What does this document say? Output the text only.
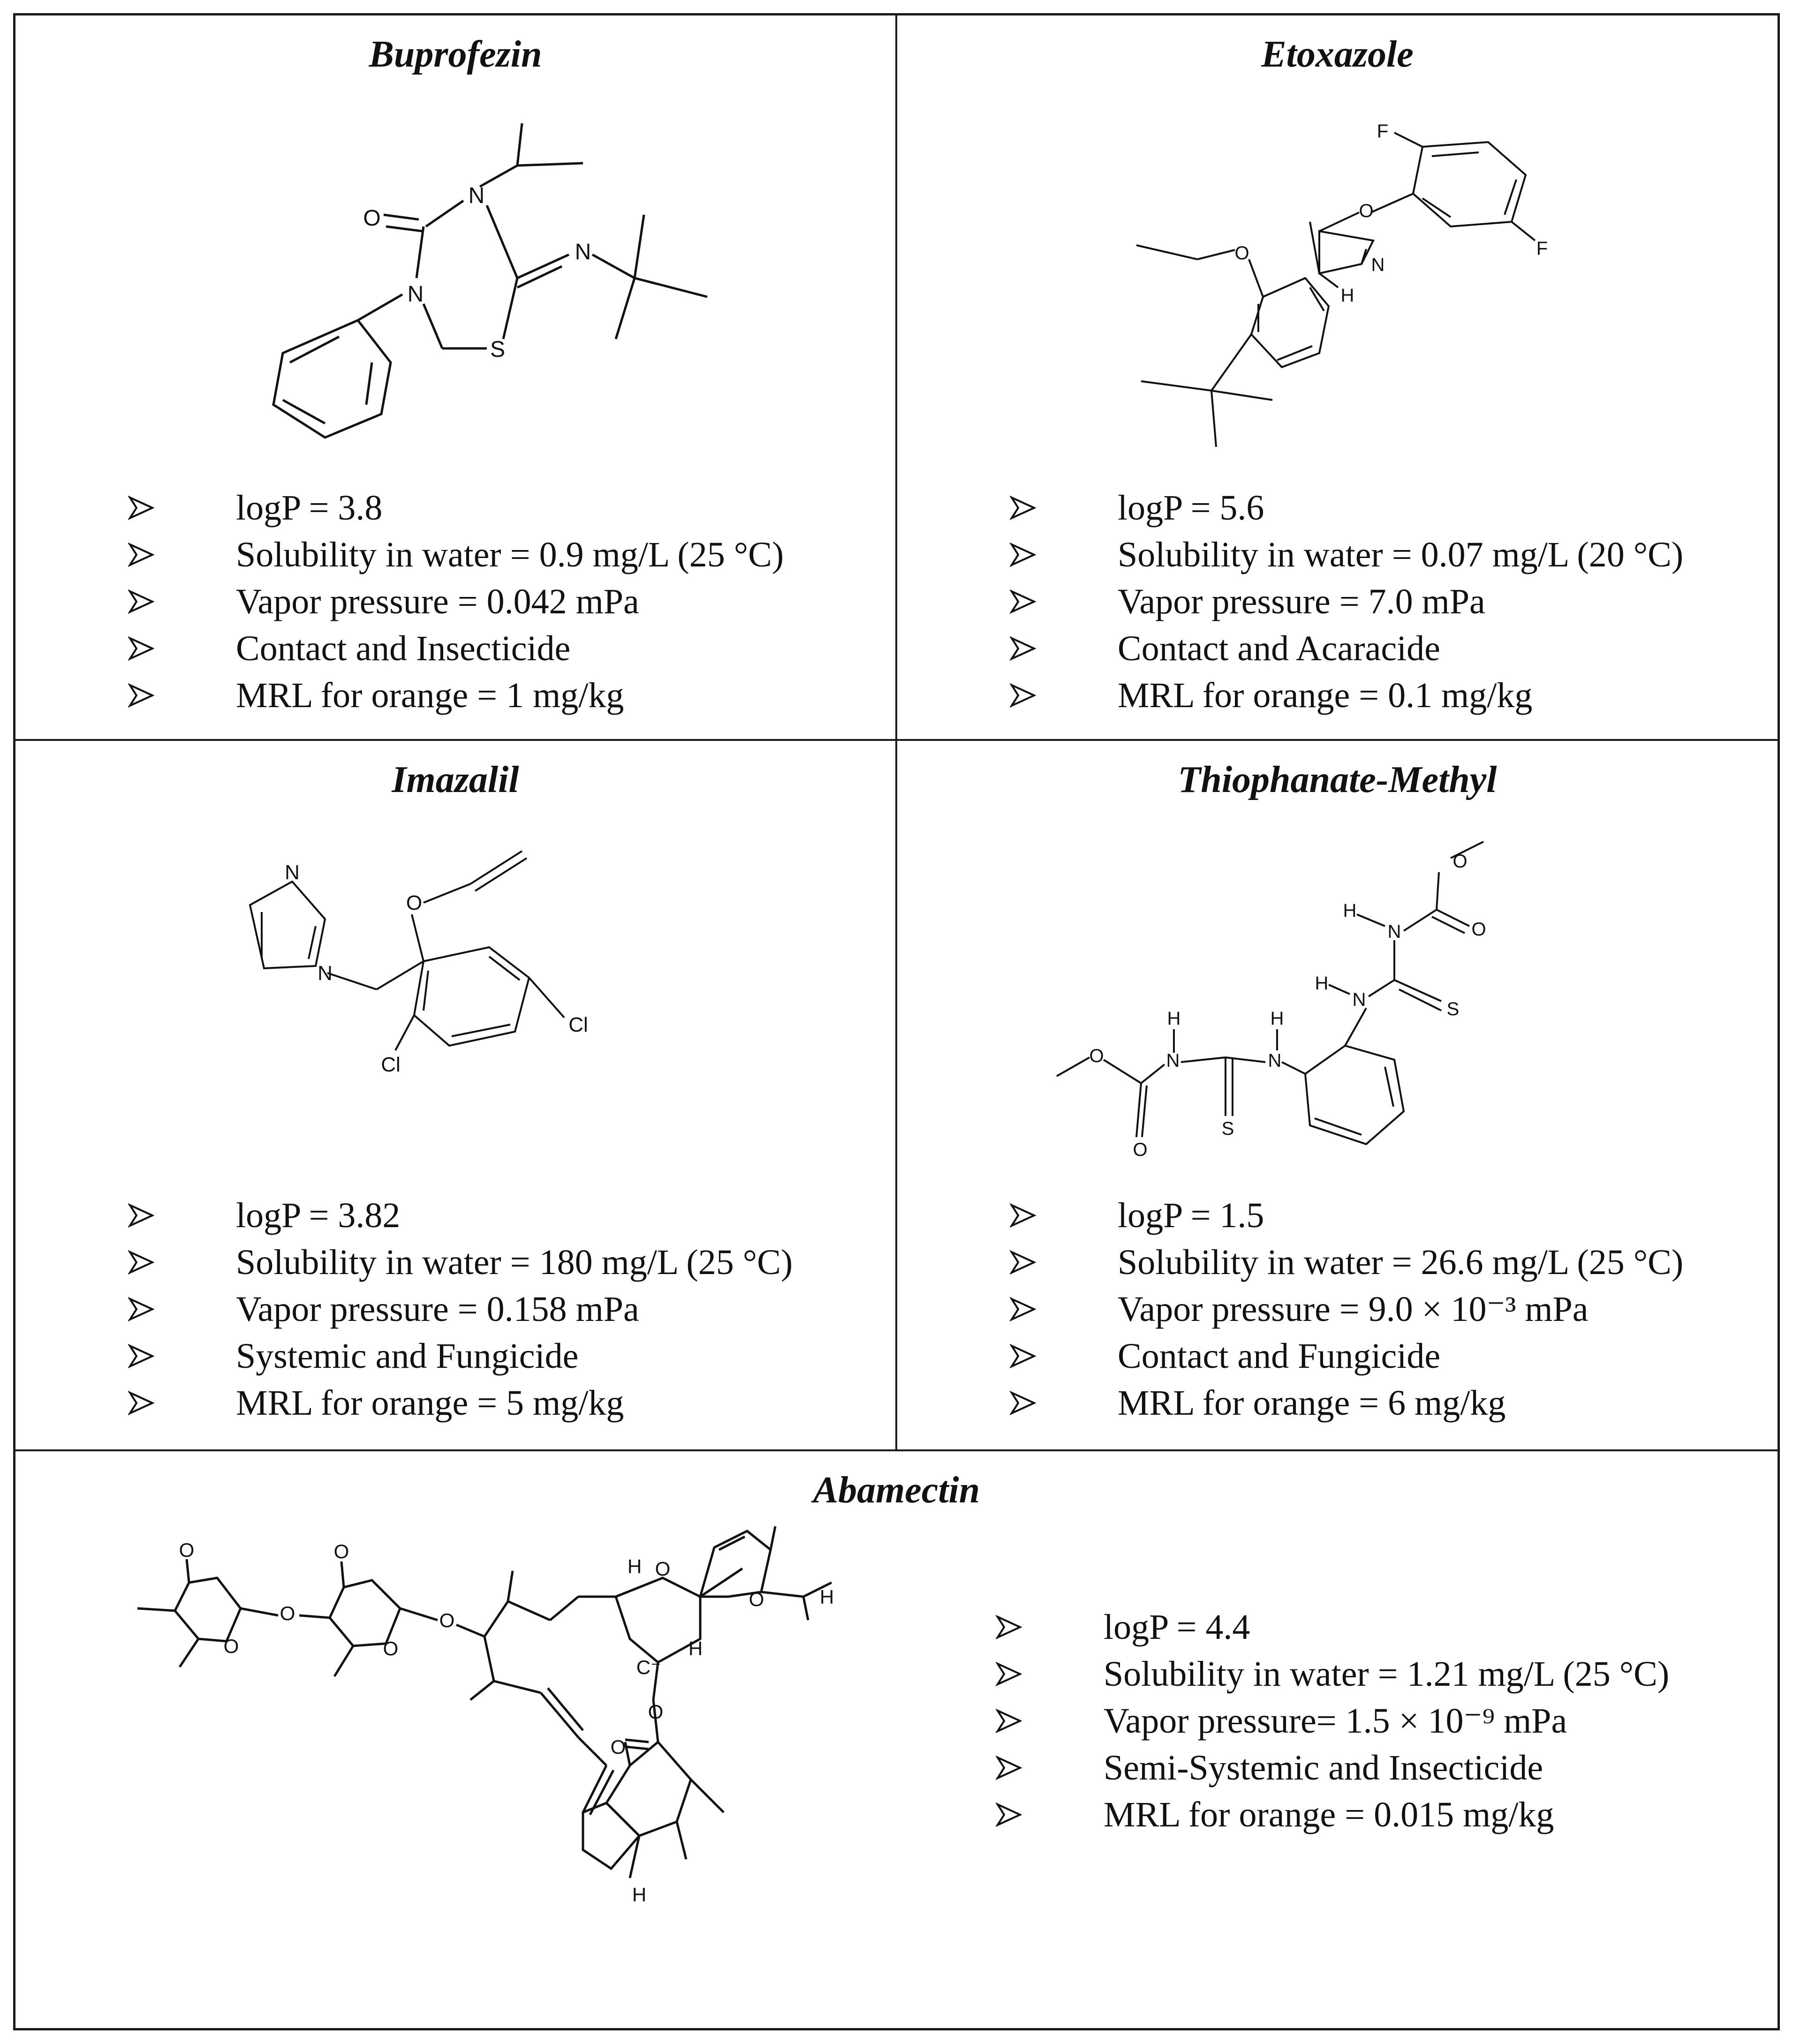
Buprofezin
O
N
N
N
S
logP = 3.8
Solubility in water = 0.9 mg/L (25 °C)
Vapor pressure = 0.042 mPa
Contact and Insecticide
MRL for orange = 1 mg/kg
Etoxazole
F
F
O
N
H
O
logP = 5.6
Solubility in water = 0.07 mg/L (20 °C)
Vapor pressure = 7.0 mPa
Contact and Acaracide
MRL for orange = 0.1 mg/kg
Imazalil
N
N
O
Cl
Cl
logP = 3.82
Solubility in water = 180 mg/L (25 °C)
Vapor pressure = 0.158 mPa
Systemic and Fungicide
MRL for orange = 5 mg/kg
Thiophanate-Methyl
O
O
N
H
S
N
H
H
N
S
H
N
O
O
logP = 1.5
Solubility in water = 26.6 mg/L (25 °C)
Vapor pressure = 9.0 × 10⁻³ mPa
Contact and Fungicide
MRL for orange = 6 mg/kg
Abamectin
O
O
O
O
O
O
O
O
O
O
C⁻
H
H
H
H
logP = 4.4
Solubility in water = 1.21 mg/L (25 °C)
Vapor pressure= 1.5 × 10⁻⁹ mPa
Semi-Systemic and Insecticide
MRL for orange = 0.015 mg/kg
